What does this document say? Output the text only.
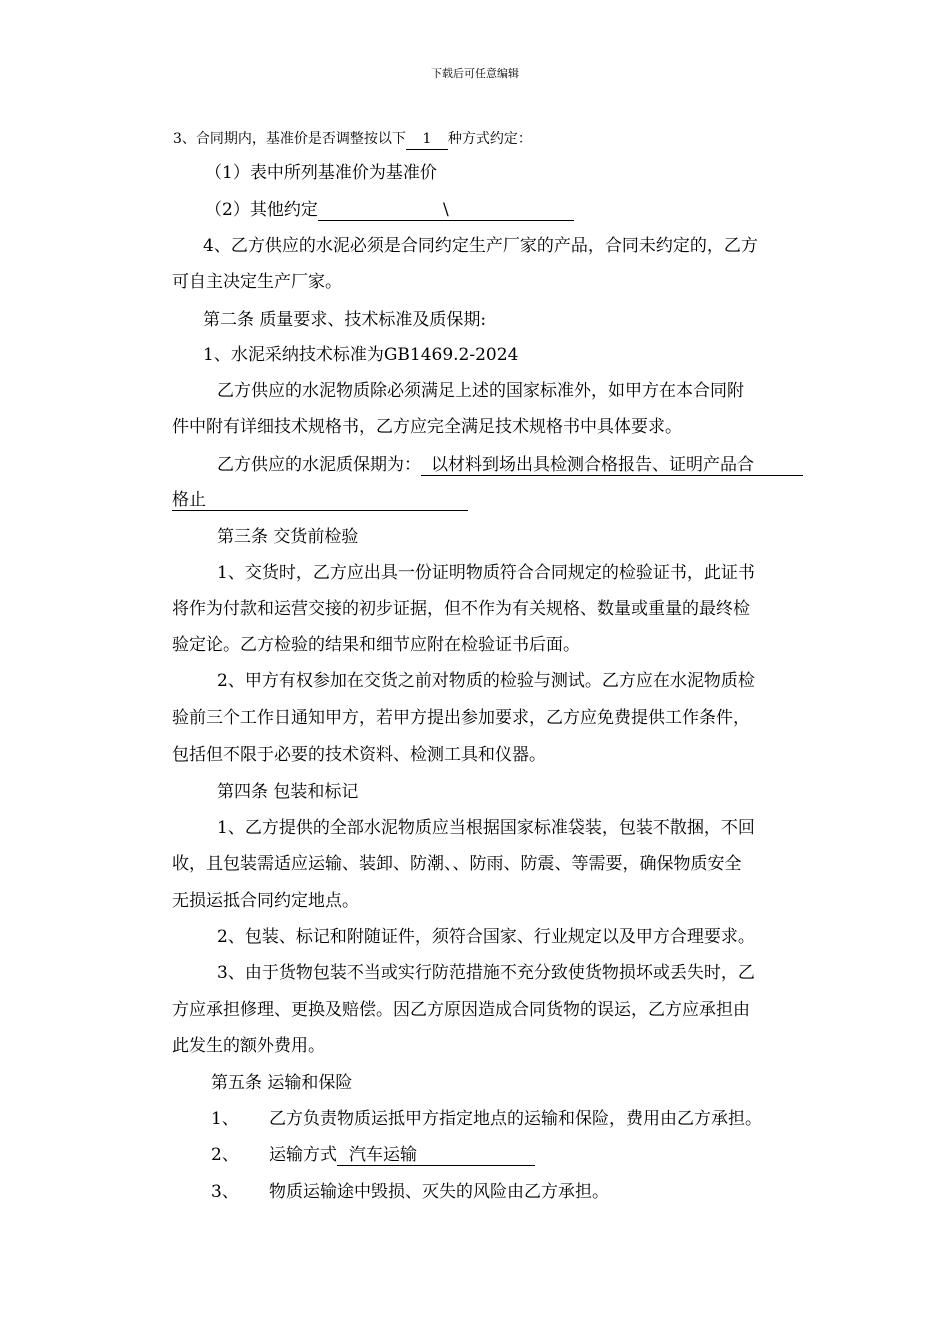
下载后可任意编辑
3、合同期内，基准价是否调整按以下 1 种方式约定：
（1）表中所列基准价为基准价
（2）其他约定	\
4、乙方供应的水泥必须是合同约定生产厂家的产品，合同未约定的，乙方
可自主决定生产厂家。
第二条 质量要求、技术标准及质保期:
1、水泥采纳技术标准为GB1469.2-2024
乙方供应的水泥物质除必须满足上述的国家标准外，如甲方在本合同附
件中附有详细技术规格书，乙方应完全满足技术规格书中具体要求。
乙方供应的水泥质保期为： 以材料到场出具检测合格报告、证明产品合
格止
第三条 交货前检验
1、交货时，乙方应出具一份证明物质符合合同规定的检验证书，此证书
将作为付款和运营交接的初步证据，但不作为有关规格、数量或重量的最终检
验定论。乙方检验的结果和细节应附在检验证书后面。
2、甲方有权参加在交货之前对物质的检验与测试。乙方应在水泥物质检
验前三个工作日通知甲方，若甲方提出参加要求，乙方应免费提供工作条件，
包括但不限于必要的技术资料、检测工具和仪器。
第四条 包装和标记
1、乙方提供的全部水泥物质应当根据国家标准袋装，包装不散捆，不回
收，且包装需适应运输、装卸、防潮、、防雨、防震、等需要，确保物质安全
无损运抵合同约定地点。
2、包装、标记和附随证件，须符合国家、行业规定以及甲方合理要求。
3、由于货物包装不当或实行防范措施不充分致使货物损坏或丢失时，乙
方应承担修理、更换及赔偿。因乙方原因造成合同货物的误运，乙方应承担由
此发生的额外费用。
第五条 运输和保险
1、 乙方负责物质运抵甲方指定地点的运输和保险，费用由乙方承担。
2、 运输方式 汽车运输
3、 物质运输途中毁损、灭失的风险由乙方承担。
